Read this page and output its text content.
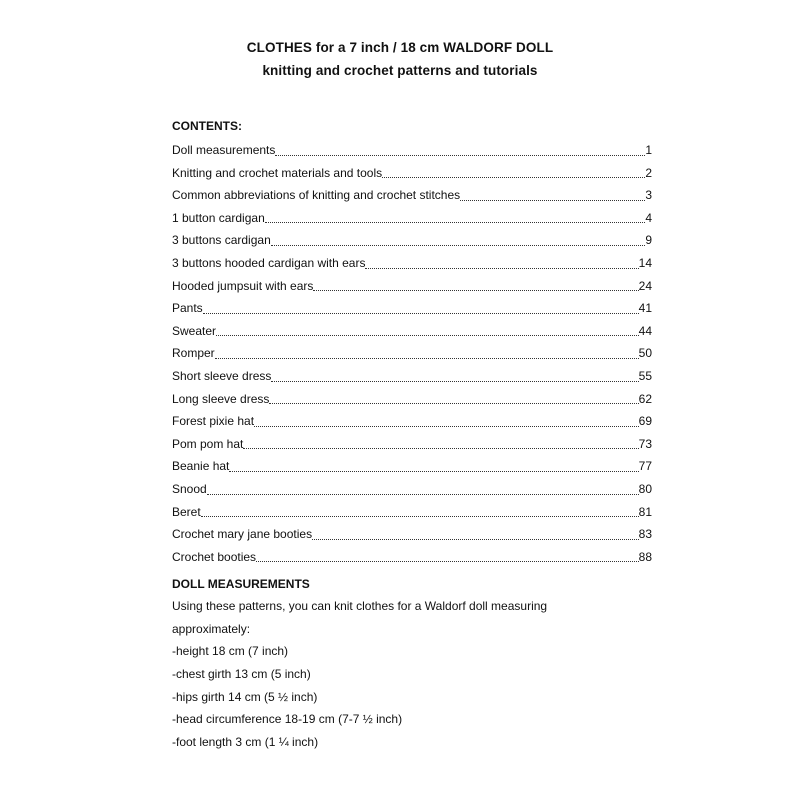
CLOTHES for a 7 inch / 18 cm WALDORF DOLL
knitting and crochet patterns and tutorials
CONTENTS:
Doll measurements	1
Knitting and crochet materials and tools	2
Common abbreviations of knitting and crochet stitches	3
1 button cardigan	4
3 buttons cardigan	9
3 buttons hooded cardigan with ears	14
Hooded jumpsuit with ears	24
Pants	41
Sweater	44
Romper	50
Short sleeve dress	55
Long sleeve dress	62
Forest pixie hat	69
Pom pom hat	73
Beanie hat	77
Snood	80
Beret	81
Crochet mary jane booties	83
Crochet booties	88
DOLL MEASUREMENTS
Using these patterns, you can knit clothes for a Waldorf doll measuring
approximately:
-height 18 cm (7 inch)
-chest girth 13 cm (5 inch)
-hips girth 14 cm (5 ½ inch)
-head circumference 18-19 cm (7-7 ½ inch)
-foot length 3 cm (1 ¼ inch)
